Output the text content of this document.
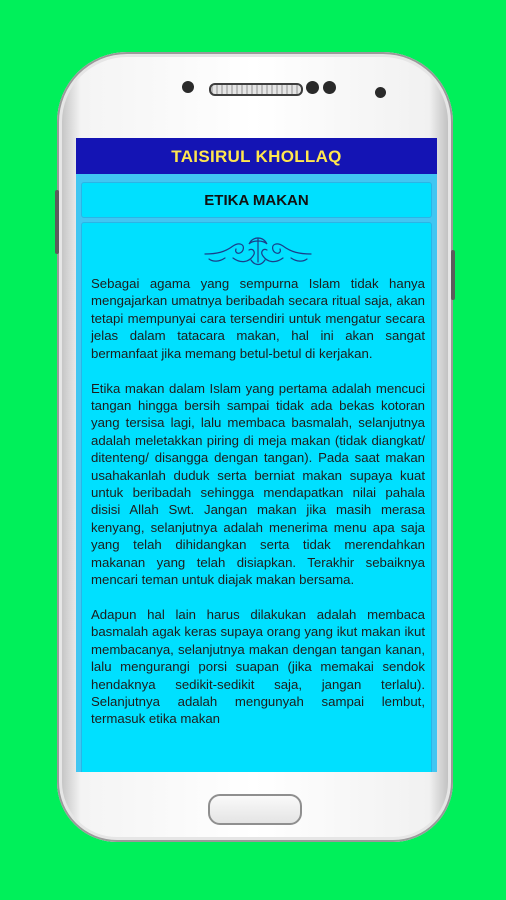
TAISIRUL KHOLLAQ
ETIKA MAKAN

Sebagai agama yang sempurna Islam tidak hanya mengajarkan umatnya beribadah secara ritual saja, akan tetapi mempunyai cara tersendiri untuk mengatur secara jelas dalam tatacara makan, hal ini akan sangat bermanfaat jika memang betul-betul di kerjakan.

Etika makan dalam Islam yang pertama adalah mencuci tangan hingga bersih sampai tidak ada bekas kotoran yang tersisa lagi, lalu membaca basmalah, selanjutnya adalah meletakkan piring di meja makan (tidak diangkat/ ditenteng/ disangga dengan tangan). Pada saat makan usahakanlah duduk serta berniat makan supaya kuat untuk beribadah sehingga mendapatkan nilai pahala disisi Allah Swt. Jangan makan jika masih merasa kenyang, selanjutnya adalah menerima menu apa saja yang telah dihidangkan serta tidak merendahkan makanan yang telah disiapkan. Terakhir sebaiknya mencari teman untuk diajak makan bersama.

Adapun hal lain harus dilakukan adalah membaca basmalah agak keras supaya orang yang ikut makan ikut membacanya, selanjutnya makan dengan tangan kanan, lalu mengurangi porsi suapan (jika memakai sendok hendaknya sedikit-sedikit saja, jangan terlalu). Selanjutnya adalah mengunyah sampai lembut, termasuk etika makan
